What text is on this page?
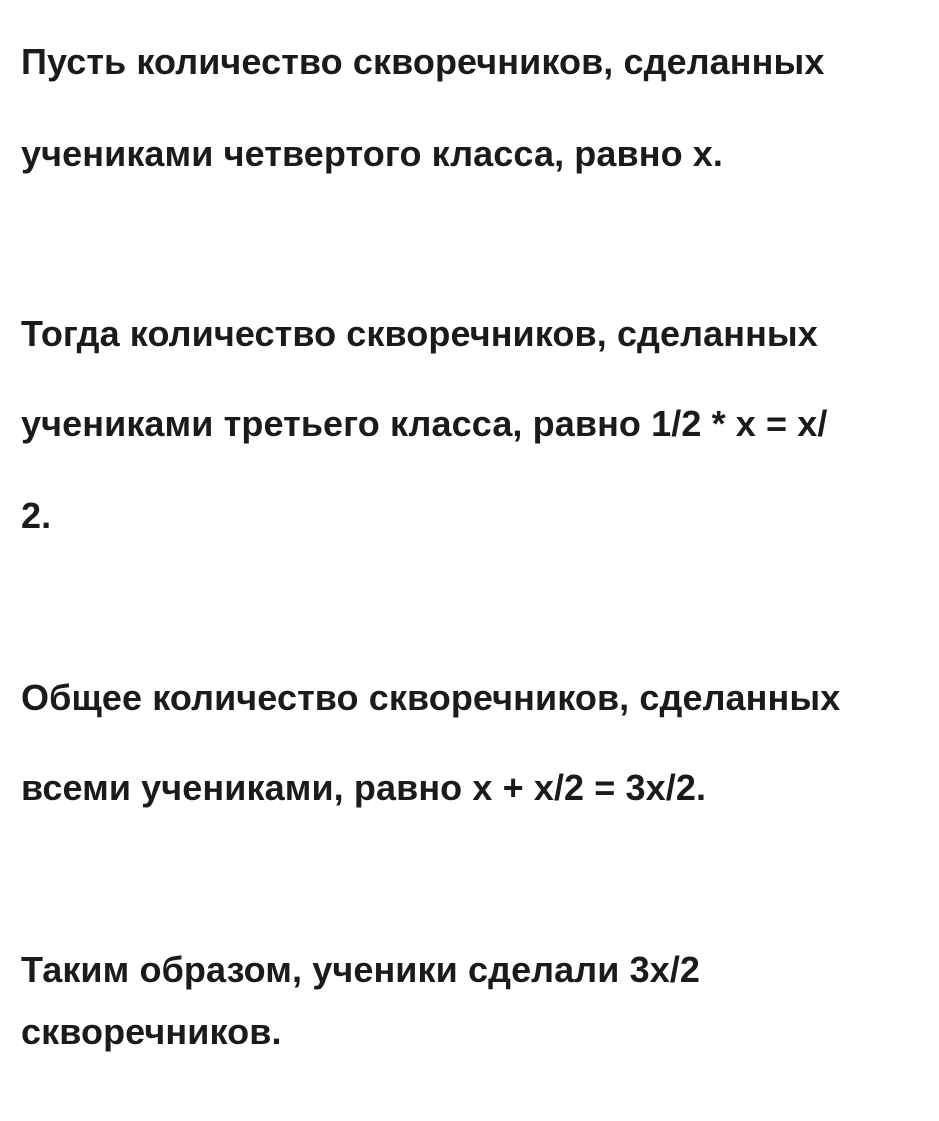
Пусть количество скворечников, сделанных
учениками четвертого класса, равно x.
Тогда количество скворечников, сделанных
учениками третьего класса, равно 1/2 * x = x/
2.
Общее количество скворечников, сделанных
всеми учениками, равно x + x/2 = 3x/2.
Таким образом, ученики сделали 3x/2
скворечников.
